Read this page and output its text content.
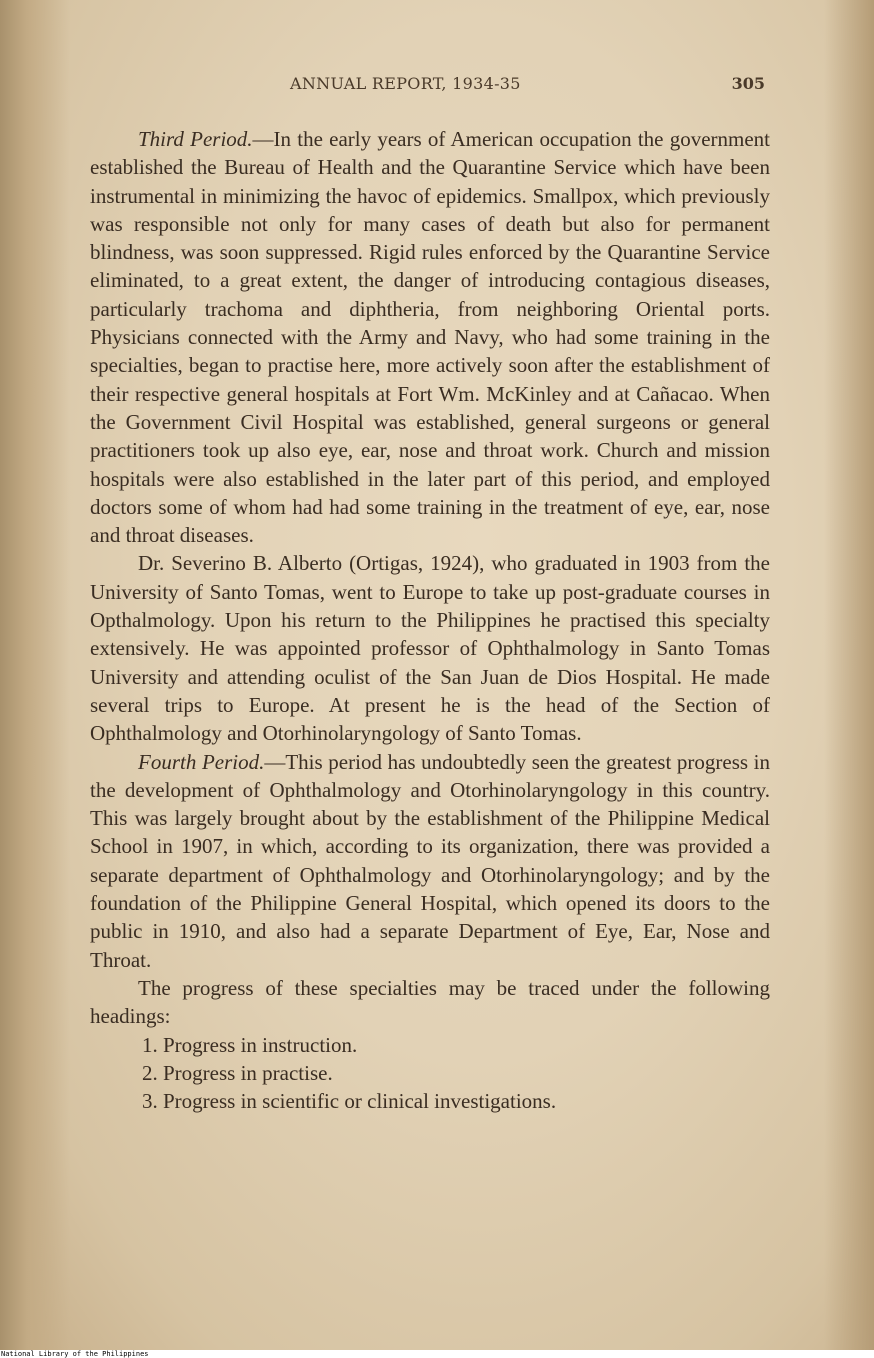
ANNUAL REPORT, 1934-35	305

Third Period.—In the early years of American occupation the government established the Bureau of Health and the Quarantine Service which have been instrumental in minimizing the havoc of epidemics. Smallpox, which previously was responsible not only for many cases of death but also for permanent blindness, was soon suppressed. Rigid rules enforced by the Quarantine Service eliminated, to a great extent, the danger of introducing contagious diseases, particularly trachoma and diphtheria, from neighboring Oriental ports. Physicians connected with the Army and Navy, who had some training in the specialties, began to practise here, more actively soon after the establishment of their respective general hospitals at Fort Wm. McKinley and at Cañacao. When the Government Civil Hospital was established, general surgeons or general practitioners took up also eye, ear, nose and throat work. Church and mission hospitals were also established in the later part of this period, and employed doctors some of whom had had some training in the treatment of eye, ear, nose and throat diseases.

Dr. Severino B. Alberto (Ortigas, 1924), who graduated in 1903 from the University of Santo Tomas, went to Europe to take up post-graduate courses in Opthalmology. Upon his return to the Philippines he practised this specialty extensively. He was appointed professor of Ophthalmology in Santo Tomas University and attending oculist of the San Juan de Dios Hospital. He made several trips to Europe. At present he is the head of the Section of Ophthalmology and Otorhinolaryngology of Santo Tomas.

Fourth Period.—This period has undoubtedly seen the greatest progress in the development of Ophthalmology and Otorhinolaryngology in this country. This was largely brought about by the establishment of the Philippine Medical School in 1907, in which, according to its organization, there was provided a separate department of Ophthalmology and Otorhinolaryngology; and by the foundation of the Philippine General Hospital, which opened its doors to the public in 1910, and also had a separate Department of Eye, Ear, Nose and Throat.

The progress of these specialties may be traced under the following headings:

1. Progress in instruction.
2. Progress in practise.
3. Progress in scientific or clinical investigations.
National Library of the Philippines
